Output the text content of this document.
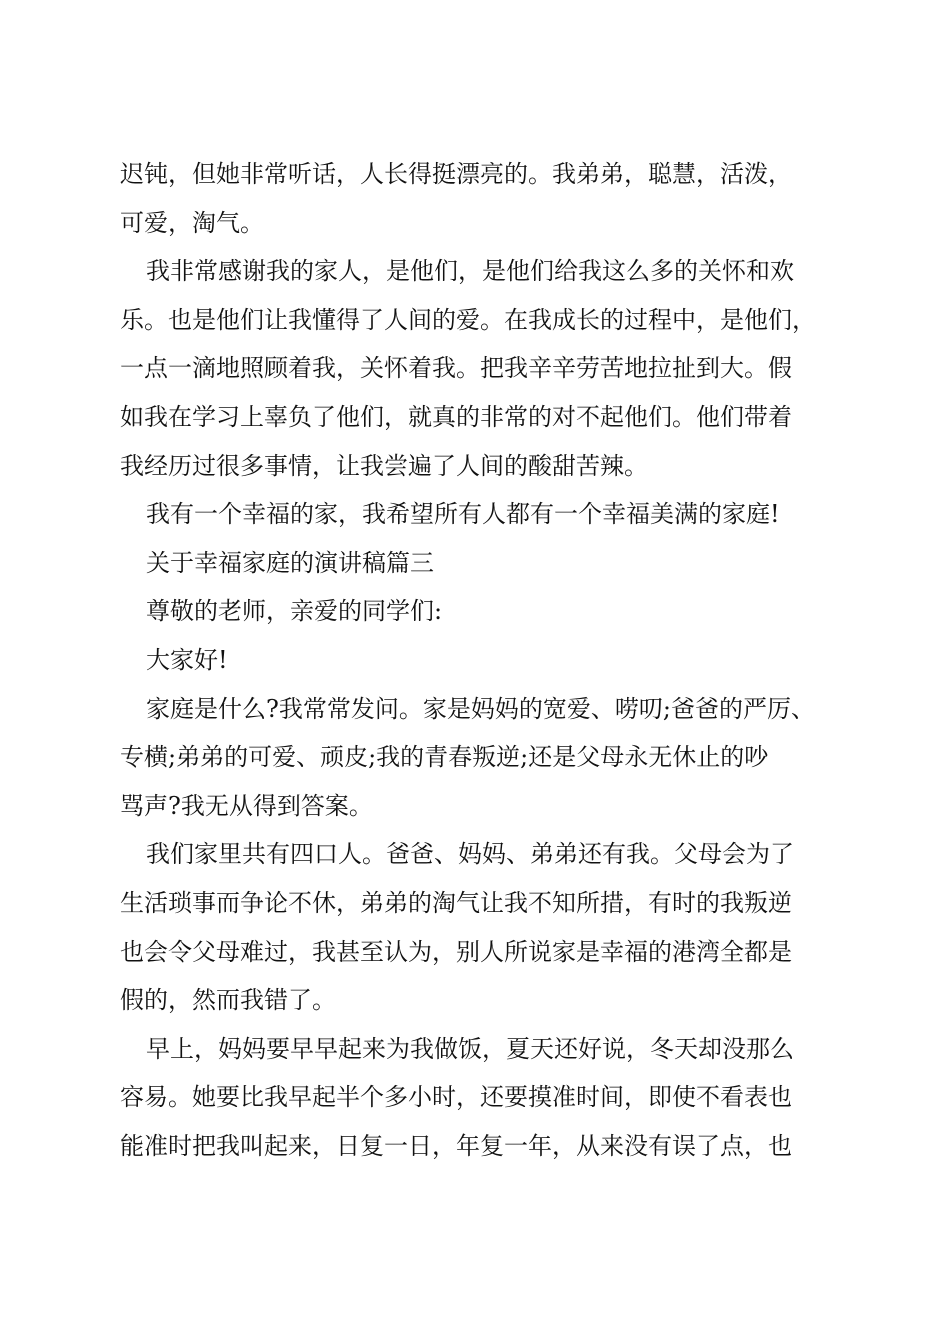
迟钝，但她非常听话，人长得挺漂亮的。我弟弟，聪慧，活泼，
可爱，淘气。
我非常感谢我的家人，是他们，是他们给我这么多的关怀和欢
乐。也是他们让我懂得了人间的爱。在我成长的过程中，是他们，
一点一滴地照顾着我，关怀着我。把我辛辛劳苦地拉扯到大。假
如我在学习上辜负了他们，就真的非常的对不起他们。他们带着
我经历过很多事情，让我尝遍了人间的酸甜苦辣。
我有一个幸福的家，我希望所有人都有一个幸福美满的家庭!
关于幸福家庭的演讲稿篇三
尊敬的老师，亲爱的同学们:
大家好!
家庭是什么?我常常发问。家是妈妈的宽爱、唠叨;爸爸的严厉、
专横;弟弟的可爱、顽皮;我的青春叛逆;还是父母永无休止的吵
骂声?我无从得到答案。
我们家里共有四口人。爸爸、妈妈、弟弟还有我。父母会为了
生活琐事而争论不休，弟弟的淘气让我不知所措，有时的我叛逆
也会令父母难过，我甚至认为，别人所说家是幸福的港湾全都是
假的，然而我错了。
早上，妈妈要早早起来为我做饭，夏天还好说，冬天却没那么
容易。她要比我早起半个多小时，还要摸准时间，即使不看表也
能准时把我叫起来，日复一日，年复一年，从来没有误了点，也
